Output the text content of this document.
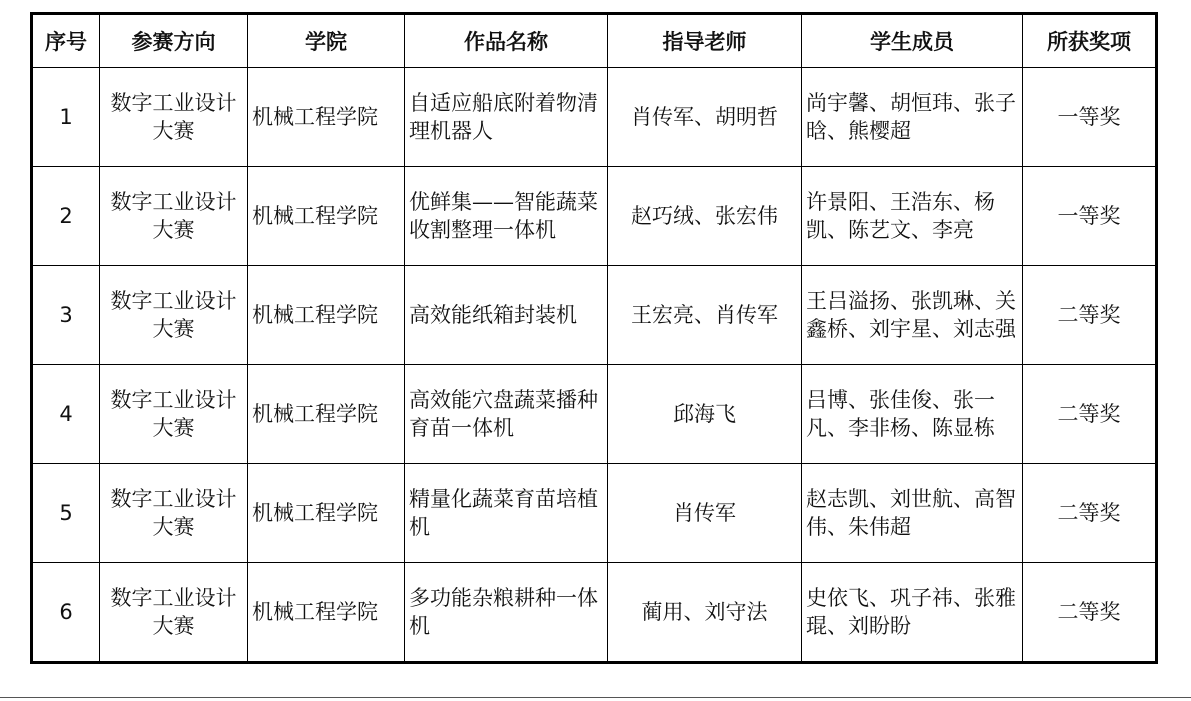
序号	参赛方向	学院	作品名称	指导老师	学生成员	所获奖项
1	数字工业设计大赛	机械工程学院	自适应船底附着物清理机器人	肖传军、胡明哲	尚宇馨、胡恒玮、张子晗、熊樱超	一等奖
2	数字工业设计大赛	机械工程学院	优鲜集——智能蔬菜收割整理一体机	赵巧绒、张宏伟	许景阳、王浩东、杨凯、陈艺文、李亮	一等奖
3	数字工业设计大赛	机械工程学院	高效能纸箱封装机	王宏亮、肖传军	王吕溢扬、张凯琳、关鑫桥、刘宇星、刘志强	二等奖
4	数字工业设计大赛	机械工程学院	高效能穴盘蔬菜播种育苗一体机	邱海飞	吕博、张佳俊、张一凡、李非杨、陈显栋	二等奖
5	数字工业设计大赛	机械工程学院	精量化蔬菜育苗培植机	肖传军	赵志凯、刘世航、高智伟、朱伟超	二等奖
6	数字工业设计大赛	机械工程学院	多功能杂粮耕种一体机	蔺用、刘守法	史依飞、巩子祎、张雅琨、刘盼盼	二等奖
